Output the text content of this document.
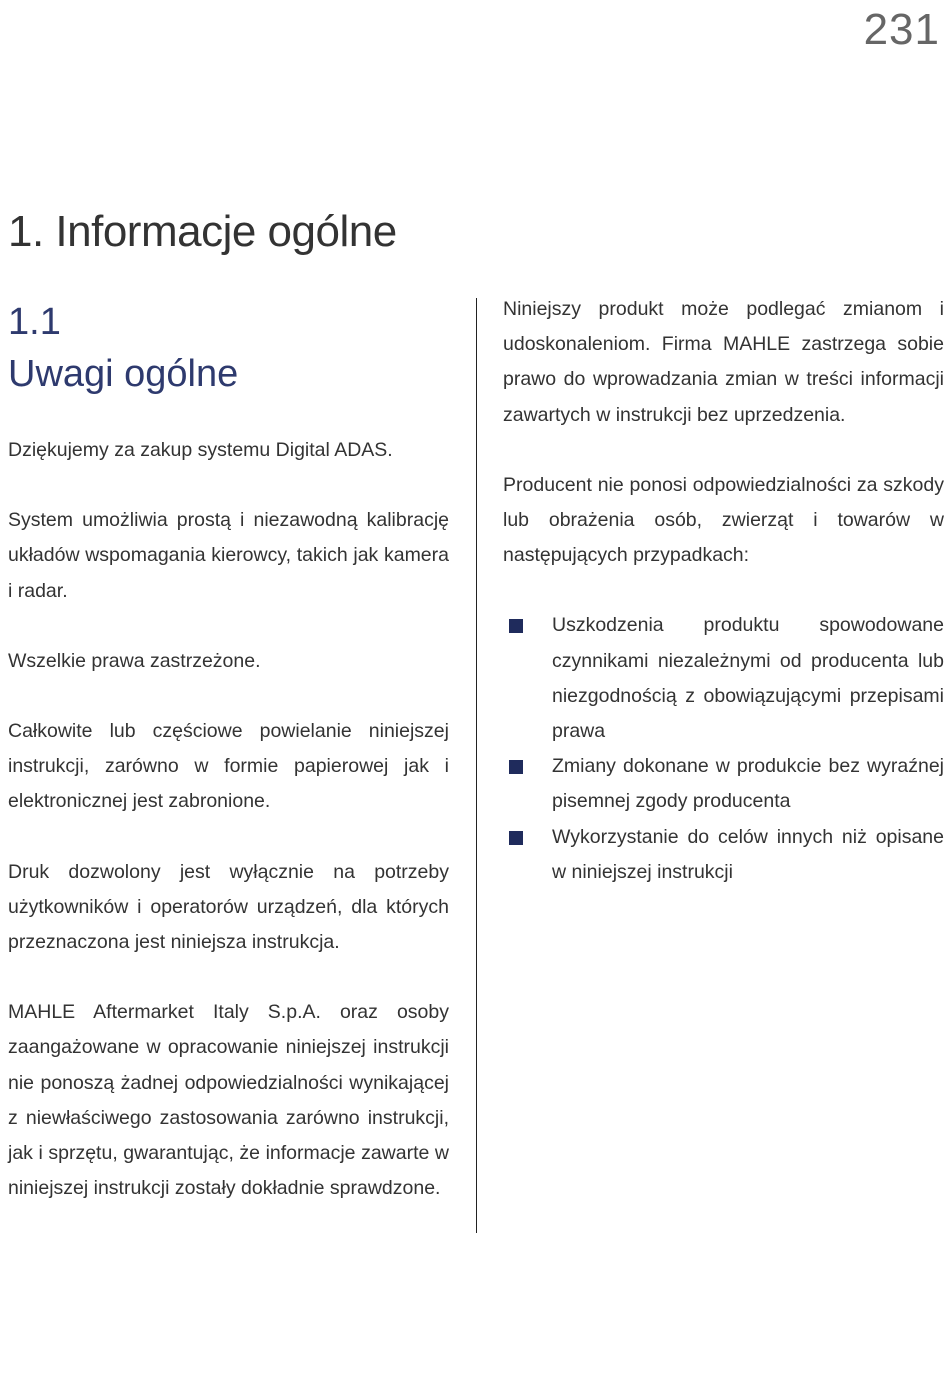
231
1. Informacje ogólne
1.1
Uwagi ogólne

Dziękujemy za zakup systemu Digital ADAS.

System umożliwia prostą i niezawodną kalibrację układów wspomagania kierowcy, takich jak kamera i radar.

Wszelkie prawa zastrzeżone.

Całkowite lub częściowe powielanie niniejszej instrukcji, zarówno w formie papierowej jak i elektronicznej jest zabronione.

Druk dozwolony jest wyłącznie na potrzeby użytkowników i operatorów urządzeń, dla których przeznaczona jest niniejsza instrukcja.

MAHLE Aftermarket Italy S.p.A. oraz osoby zaangażowane w opracowanie niniejszej instrukcji nie ponoszą żadnej odpowiedzialności wynikającej z niewłaściwego zastosowania zarówno instrukcji, jak i sprzętu, gwarantując, że informacje zawarte w niniejszej instrukcji zostały dokładnie sprawdzone.

Niniejszy produkt może podlegać zmianom i udoskonaleniom. Firma MAHLE zastrzega sobie prawo do wprowadzania zmian w treści informacji zawartych w instrukcji bez uprzedzenia.

Producent nie ponosi odpowiedzialności za szkody lub obrażenia osób, zwierząt i towarów w następujących przypadkach:

Uszkodzenia produktu spowodowane czynnikami niezależnymi od producenta lub niezgodnością z obowiązującymi przepisami prawa
Zmiany dokonane w produkcie bez wyraźnej pisemnej zgody producenta
Wykorzystanie do celów innych niż opisane w niniejszej instrukcji
